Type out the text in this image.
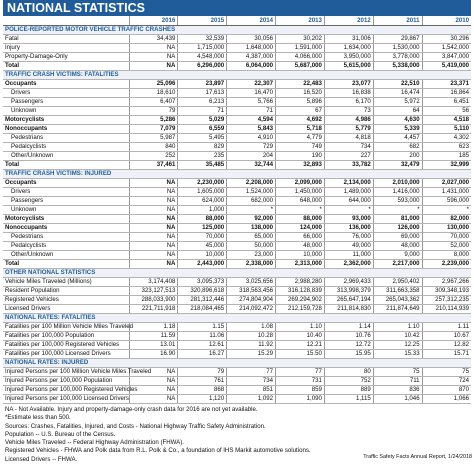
NATIONAL STATISTICS
	2016	2015	2014	2013	2012	2011	2010
POLICE-REPORTED MOTOR VEHICLE TRAFFIC CRASHES							
Fatal	34,439	32,539	30,056	30,202	31,006	29,867	30,296
Injury	NA	1,715,000	1,648,000	1,591,000	1,634,000	1,530,000	1,542,000
Property-Damage-Only	NA	4,548,000	4,387,000	4,066,000	3,950,000	3,778,000	3,847,000
Total	NA	6,296,000	6,064,000	5,687,000	5,615,000	5,338,000	5,419,000
TRAFFIC CRASH VICTIMS: FATALITIES							
Occupants	25,096	23,897	22,307	22,483	23,077	22,510	23,371
Drivers	18,610	17,613	16,470	16,520	16,838	16,474	16,864
Passengers	6,407	6,213	5,766	5,896	6,170	5,972	6,451
Unknown	79	71	71	67	73	64	56
Motorcyclists	5,286	5,029	4,594	4,692	4,986	4,630	4,518
Nonoccupants	7,079	6,559	5,843	5,718	5,779	5,339	5,110
Pedestrians	5,987	5,495	4,910	4,779	4,818	4,457	4,302
Pedalcyclists	840	829	729	749	734	682	623
Other/Unknown	252	235	204	190	227	200	185
Total	37,461	35,485	32,744	32,893	33,782	32,479	32,999
TRAFFIC CRASH VICTIMS: INJURED							
Occupants	NA	2,230,000	2,208,000	2,099,000	2,134,000	2,010,000	2,027,000
Drivers	NA	1,605,000	1,524,000	1,450,000	1,489,000	1,416,000	1,431,000
Passengers	NA	624,000	682,000	648,000	644,000	593,000	596,000
Unknown	NA	1,000	*	*	*	*	*
Motorcyclists	NA	88,000	92,000	88,000	93,000	81,000	82,000
Nonoccupants	NA	125,000	138,000	124,000	136,000	126,000	130,000
Pedestrians	NA	70,000	65,000	66,000	76,000	69,000	70,000
Pedalcyclists	NA	45,000	50,000	48,000	49,000	48,000	52,000
Other/Unknown	NA	10,000	23,000	10,000	11,000	9,000	8,000
Total	NA	2,443,000	2,338,000	2,313,000	2,362,000	2,217,000	2,239,000
OTHER NATIONAL STATISTICS							
Vehicle Miles Traveled (Millions)	3,174,408	3,095,373	3,025,656	2,988,280	2,969,433	2,950,402	2,967,266
Resident Population	323,127,513	320,896,618	318,563,456	316,128,839	313,998,379	311,663,358	309,348,193
Registered Vehicles	288,033,900	281,312,446	274,804,904	269,294,902	265,647,194	265,043,362	257,312,235
Licensed Drivers	221,711,918	218,084,465	214,092,472	212,159,728	211,814,830	211,874,649	210,114,939
NATIONAL RATES: FATALITIES							
Fatalities per 100 Million Vehicle Miles Traveled	1.18	1.15	1.08	1.10	1.14	1.10	1.11
Fatalities per 100,000 Population	11.59	11.06	10.28	10.40	10.76	10.42	10.67
Fatalities per 100,000 Registered Vehicles	13.01	12.61	11.92	12.21	12.72	12.25	12.82
Fatalities per 100,000 Licensed Drivers	16.90	16.27	15.29	15.50	15.95	15.33	15.71
NATIONAL RATES: INJURED							
Injured Persons per 100 Million Vehicle Miles Traveled	NA	79	77	77	80	75	75
Injured Persons per 100,000 Population	NA	761	734	731	752	711	724
Injured Persons per 100,000 Registered Vehicles	NA	868	851	859	889	836	870
Injured Persons per 100,000 Licensed Drivers	NA	1,120	1,092	1,090	1,115	1,046	1,066
NA - Not Available. Injury and property-damage-only crash data for 2016 are not yet available.
*Estimate less than 500.
Sources: Crashes, Fatalities, Injured, and Costs - National Highway Traffic Safety Administration.
Population -- U.S. Bureau of the Census.
Vehicle Miles Traveled -- Federal Highway Administration (FHWA).
Registered Vehicles - FHWA and Polk data from R.L. Polk & Co., a foundation of IHS Markit automotive solutions.
Licensed Drivers -- FHWA.	Traffic Safety Facts Annual Report, 1/24/2018
